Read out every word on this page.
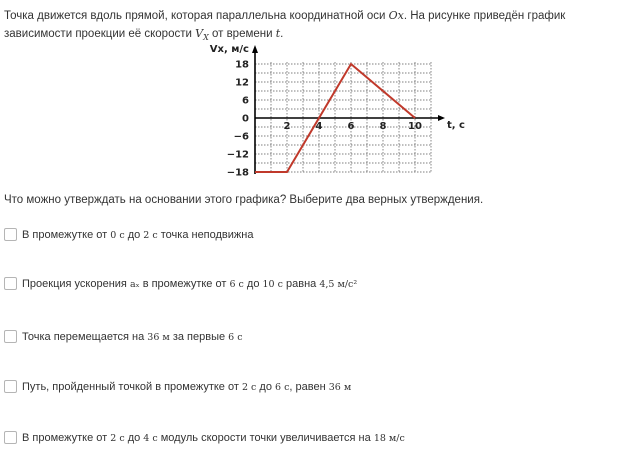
Точка движется вдоль прямой, которая параллельна координатной оси Ox. На рисунке приведён график зависимости проекции её скорости $V_X$ от времени t.
Vx, м/с
t, с
18
12
6
0
−6
−12
−18
2	4	6	8 10
Что можно утверждать на основании этого графика? Выберите два верных утверждения.
В промежутке от 0 с до 2 с точка неподвижна
Проекция ускорения aₓ в промежутке от 6 с до 10 с равна 4,5 м/с²
Точка перемещается на 36 м за первые 6 с
Путь, пройденный точкой в промежутке от 2 с до 6 с, равен 36 м
В промежутке от 2 с до 4 с модуль скорости точки увеличивается на 18 м/с
